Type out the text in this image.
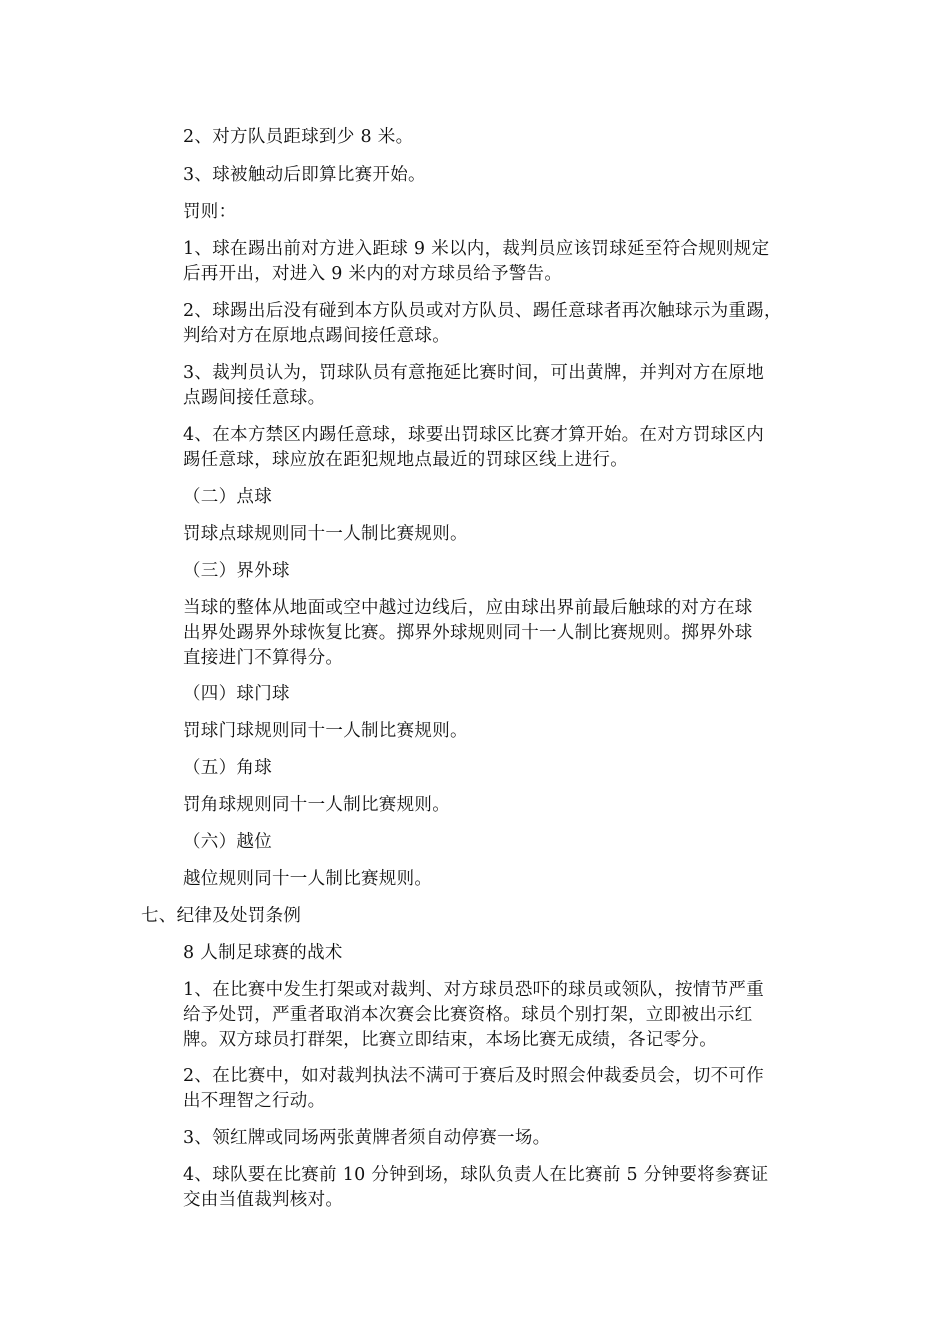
2、对方队员距球到少 8 米。
3、球被触动后即算比赛开始。
罚则：
1、球在踢出前对方进入距球 9 米以内，裁判员应该罚球延至符合规则规定
后再开出，对进入 9 米内的对方球员给予警告。
2、球踢出后没有碰到本方队员或对方队员、踢任意球者再次触球示为重踢，
判给对方在原地点踢间接任意球。
3、裁判员认为，罚球队员有意拖延比赛时间，可出黄牌，并判对方在原地
点踢间接任意球。
4、在本方禁区内踢任意球，球要出罚球区比赛才算开始。在对方罚球区内
踢任意球，球应放在距犯规地点最近的罚球区线上进行。
（二）点球
罚球点球规则同十一人制比赛规则。
（三）界外球
当球的整体从地面或空中越过边线后，应由球出界前最后触球的对方在球
出界处踢界外球恢复比赛。掷界外球规则同十一人制比赛规则。掷界外球
直接进门不算得分。
（四）球门球
罚球门球规则同十一人制比赛规则。
（五）角球
罚角球规则同十一人制比赛规则。
（六）越位
越位规则同十一人制比赛规则。
七、纪律及处罚条例
8 人制足球赛的战术
1、在比赛中发生打架或对裁判、对方球员恐吓的球员或领队，按情节严重
给予处罚，严重者取消本次赛会比赛资格。球员个别打架，立即被出示红
牌。双方球员打群架，比赛立即结束，本场比赛无成绩，各记零分。
2、在比赛中，如对裁判执法不满可于赛后及时照会仲裁委员会，切不可作
出不理智之行动。
3、领红牌或同场两张黄牌者须自动停赛一场。
4、球队要在比赛前 10 分钟到场，球队负责人在比赛前 5 分钟要将参赛证
交由当值裁判核对。
